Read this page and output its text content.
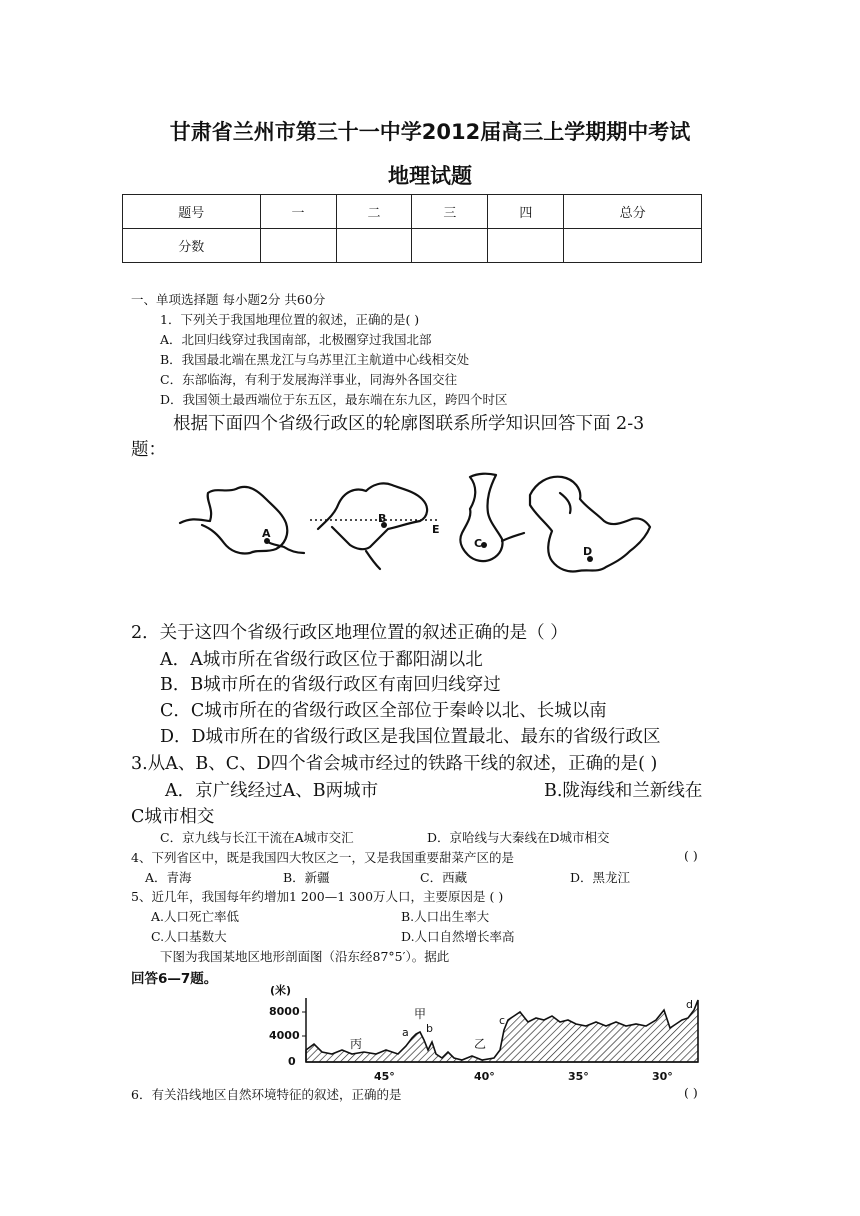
甘肃省兰州市第三十一中学2012届高三上学期期中考试
地理试题
题号	一	二	三	四	总分
分数					
一、单项选择题 每小题2分 共60分
1．下列关于我国地理位置的叙述，正确的是( )
A．北回归线穿过我国南部，北极圈穿过我国北部
B．我国最北端在黑龙江与乌苏里江主航道中心线相交处
C．东部临海，有利于发展海洋事业，同海外各国交往
D．我国领土最西端位于东五区，最东端在东九区，跨四个时区
根据下面四个省级行政区的轮廓图联系所学知识回答下面 2-3
题：
A
B
E
C
D
2．关于这四个省级行政区地理位置的叙述正确的是（ ）
A．A城市所在省级行政区位于鄱阳湖以北
B．B城市所在的省级行政区有南回归线穿过
C．C城市所在的省级行政区全部位于秦岭以北、长城以南
D．D城市所在的省级行政区是我国位置最北、最东的省级行政区
3.从A、B、C、D四个省会城市经过的铁路干线的叙述，正确的是( )
A．京广线经过A、B两城市	B.陇海线和兰新线在
C城市相交
C．京九线与长江干流在A城市交汇	D．京哈线与大秦线在D城市相交
4、下列省区中，既是我国四大牧区之一，又是我国重要甜菜产区的是	( )
A．青海	B．新疆	C．西藏	D．黑龙江
5、近几年，我国每年约增加1 200—1 300万人口，主要原因是 ( )
A.人口死亡率低	B.人口出生率大
C.人口基数大	D.人口自然增长率高
下图为我国某地区地形剖面图（沿东经87°5′）。据此
回答6—7题。
(米)
8000
4000
0
丙
甲
乙
a b
c
d
45°	40°	35°	30°
6．有关沿线地区自然环境特征的叙述，正确的是	( )
